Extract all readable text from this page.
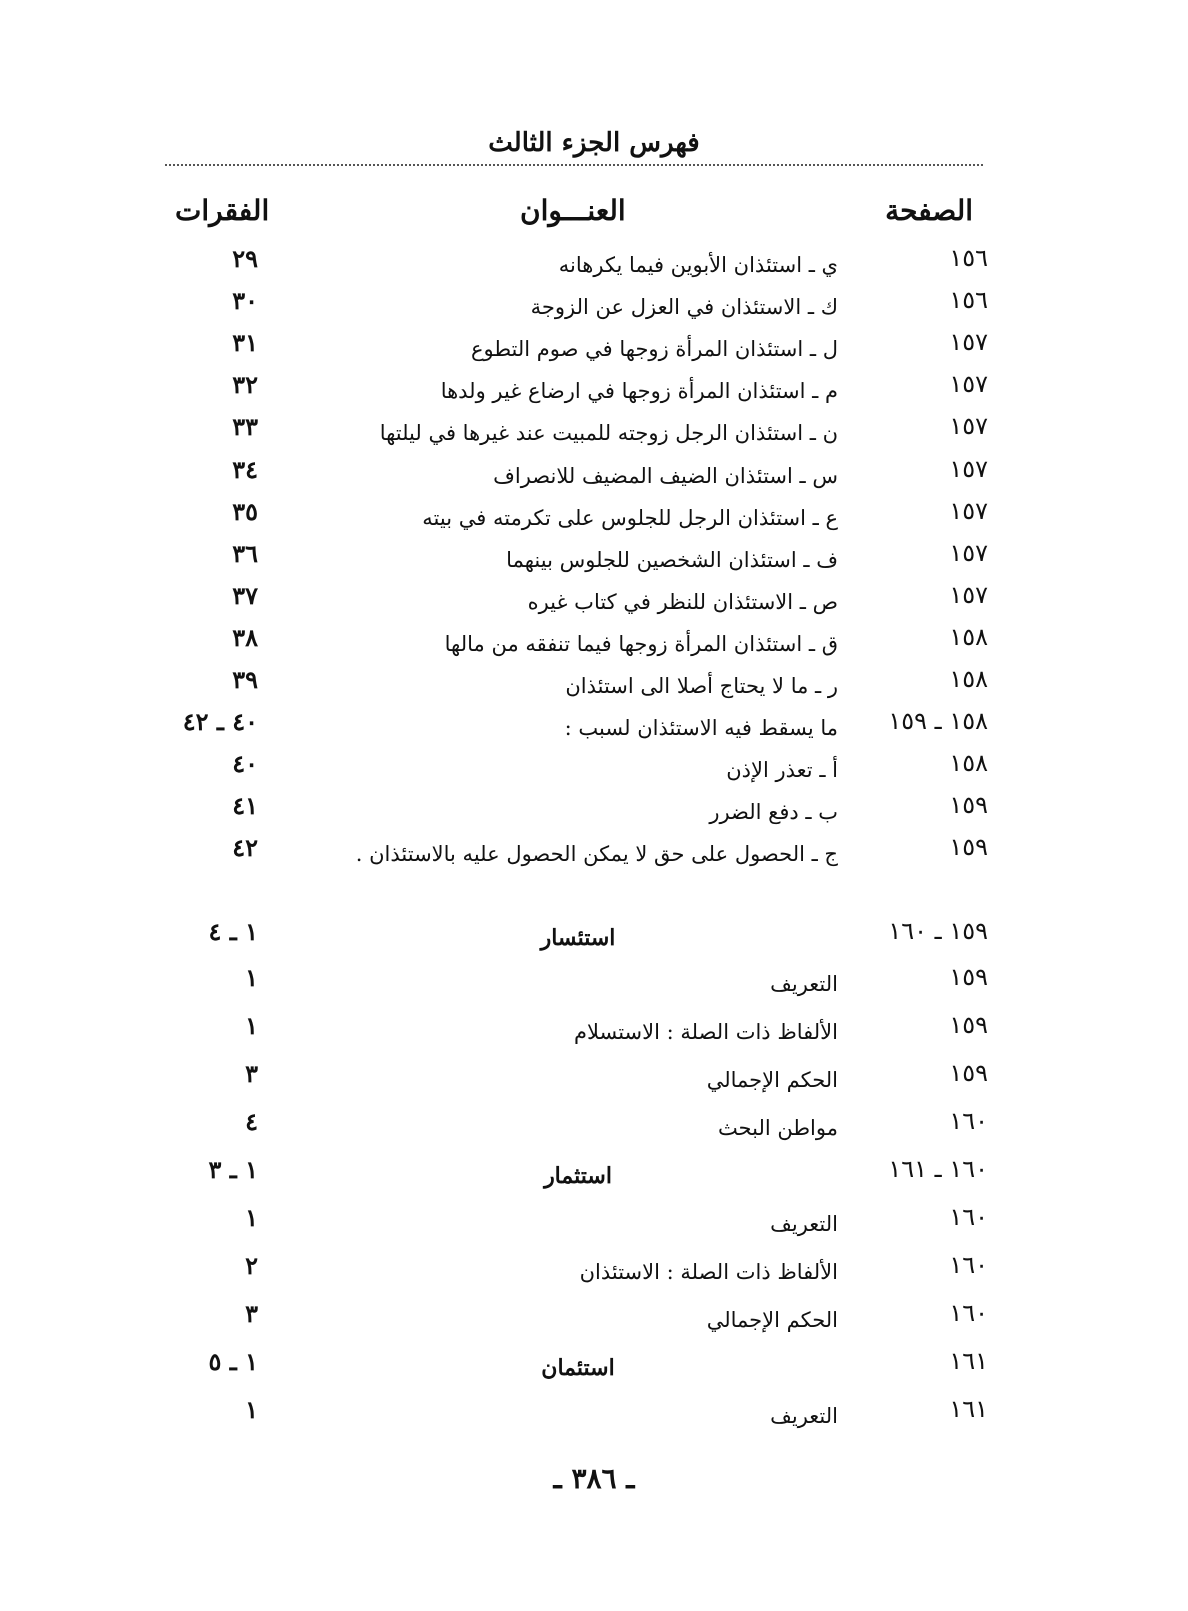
فهرس الجزء الثالث
الصفحة
العنـــوان
الفقرات
١٥٦
ي ـ استئذان الأبوين فيما يكرهانه
٢٩
١٥٦
ك ـ الاستئذان في العزل عن الزوجة
٣٠
١٥٧
ل ـ استئذان المرأة زوجها في صوم التطوع
٣١
١٥٧
م ـ استئذان المرأة زوجها في ارضاع غير ولدها
٣٢
١٥٧
ن ـ استئذان الرجل زوجته للمبيت عند غيرها في ليلتها
٣٣
١٥٧
س ـ استئذان الضيف المضيف للانصراف
٣٤
١٥٧
ع ـ استئذان الرجل للجلوس على تكرمته في بيته
٣٥
١٥٧
ف ـ استئذان الشخصين للجلوس بينهما
٣٦
١٥٧
ص ـ الاستئذان للنظر في كتاب غيره
٣٧
١٥٨
ق ـ استئذان المرأة زوجها فيما تنفقه من مالها
٣٨
١٥٨
ر ـ ما لا يحتاج أصلا الى استئذان
٣٩
١٥٨ ـ ١٥٩
ما يسقط فيه الاستئذان لسبب :
٤٠ ـ ٤٢
١٥٨
أ ـ تعذر الإذن
٤٠
١٥٩
ب ـ دفع الضرر
٤١
١٥٩
ج ـ الحصول على حق لا يمكن الحصول عليه بالاستئذان .
٤٢
١٥٩ ـ ١٦٠
استئسار
١ ـ ٤
١٥٩
التعريف
١
١٥٩
الألفاظ ذات الصلة : الاستسلام
١
١٥٩
الحكم الإجمالي
٣
١٦٠
مواطن البحث
٤
١٦٠ ـ ١٦١
استثمار
١ ـ ٣
١٦٠
التعريف
١
١٦٠
الألفاظ ذات الصلة : الاستئذان
٢
١٦٠
الحكم الإجمالي
٣
١٦١
استئمان
١ ـ ٥
١٦١
التعريف
١
ـ ٣٨٦ ـ
